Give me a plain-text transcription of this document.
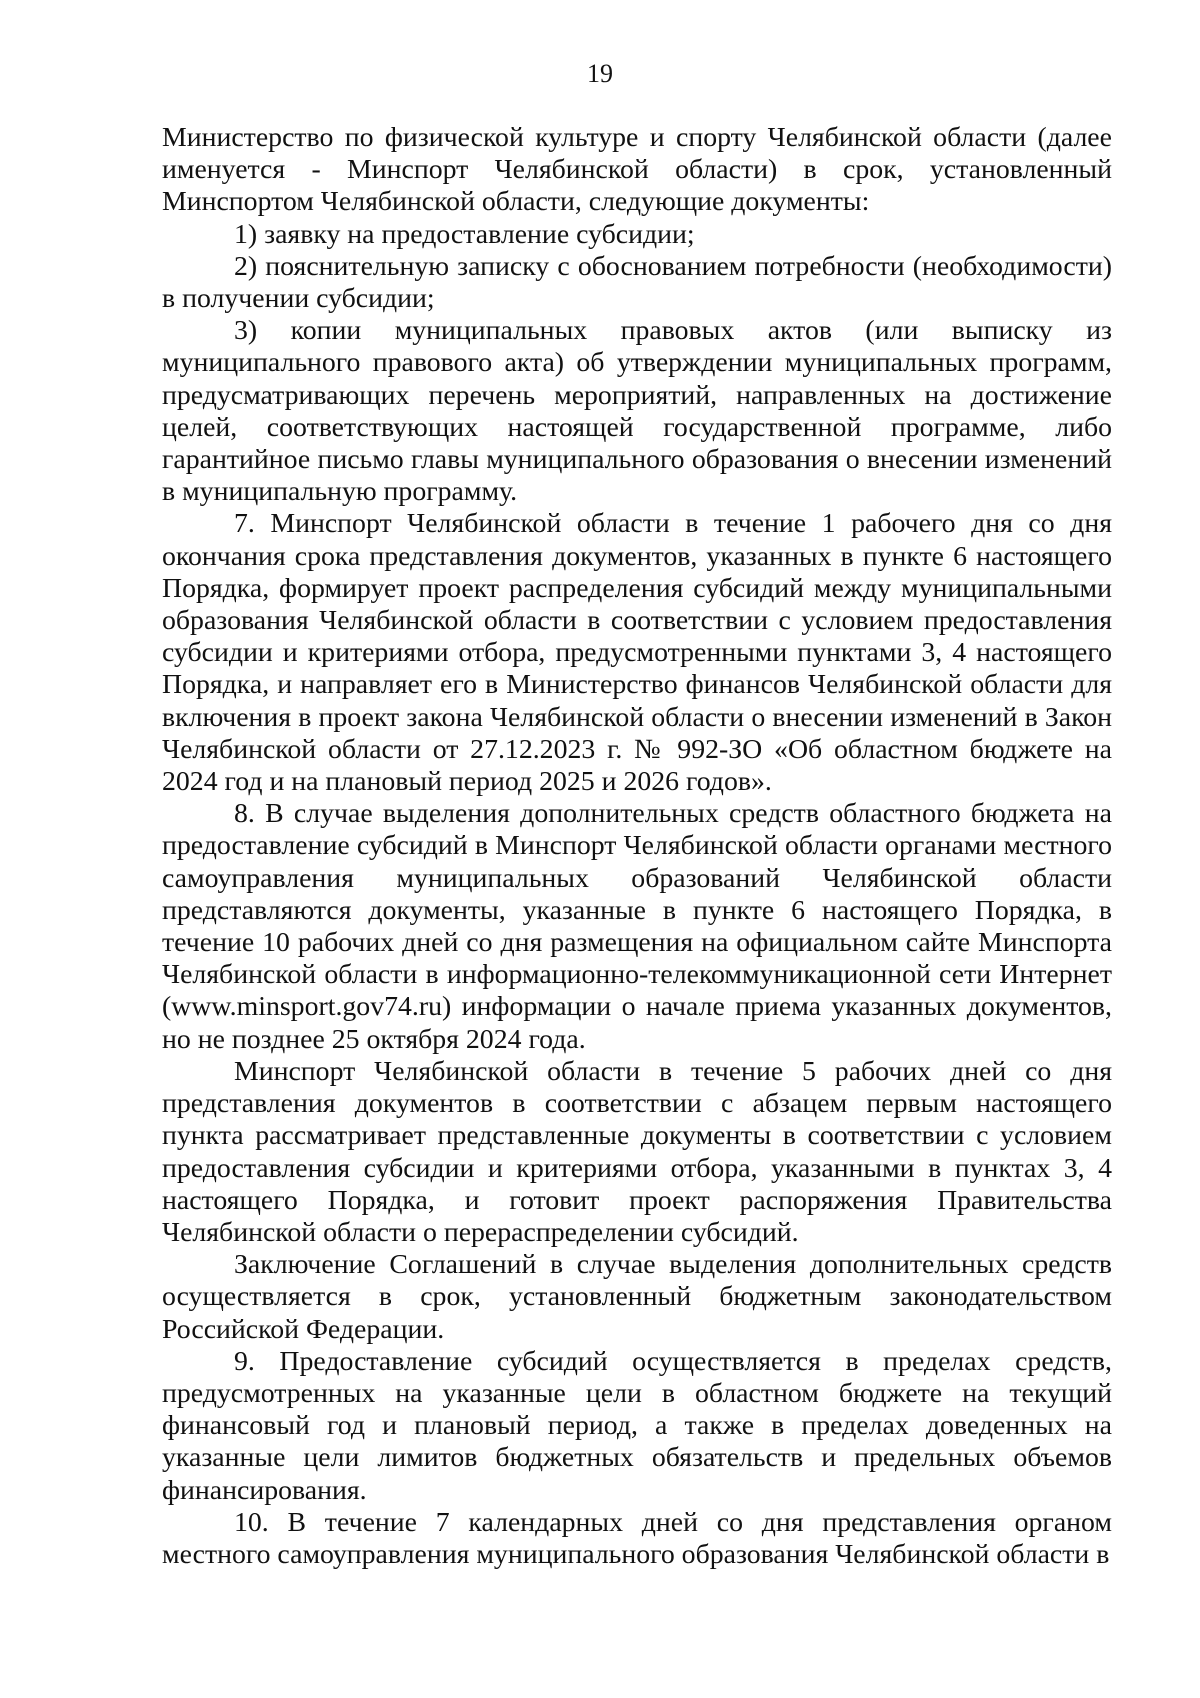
19

Министерство по физической культуре и спорту Челябинской области (далее именуется - Минспорт Челябинской области) в срок, установленный Минспортом Челябинской области, следующие документы:

1) заявку на предоставление субсидии;

2) пояснительную записку с обоснованием потребности (необходимости) в получении субсидии;

3) копии муниципальных правовых актов (или выписку из муниципального правового акта) об утверждении муниципальных программ, предусматривающих перечень мероприятий, направленных на достижение целей, соответствующих настоящей государственной программе, либо гарантийное письмо главы муниципального образования о внесении изменений в муниципальную программу.

7. Минспорт Челябинской области в течение 1 рабочего дня со дня окончания срока представления документов, указанных в пункте 6 настоящего Порядка, формирует проект распределения субсидий между муниципальными образования Челябинской области в соответствии с условием предоставления субсидии и критериями отбора, предусмотренными пунктами 3, 4 настоящего Порядка, и направляет его в Министерство финансов Челябинской области для включения в проект закона Челябинской области о внесении изменений в Закон Челябинской области от 27.12.2023 г. № 992-ЗО «Об областном бюджете на 2024 год и на плановый период 2025 и 2026 годов».

8. В случае выделения дополнительных средств областного бюджета на предоставление субсидий в Минспорт Челябинской области органами местного самоуправления муниципальных образований Челябинской области представляются документы, указанные в пункте 6 настоящего Порядка, в течение 10 рабочих дней со дня размещения на официальном сайте Минспорта Челябинской области в информационно-телекоммуникационной сети Интернет (www.minsport.gov74.ru) информации о начале приема указанных документов, но не позднее 25 октября 2024 года.

Минспорт Челябинской области в течение 5 рабочих дней со дня представления документов в соответствии с абзацем первым настоящего пункта рассматривает представленные документы в соответствии с условием предоставления субсидии и критериями отбора, указанными в пунктах 3, 4 настоящего Порядка, и готовит проект распоряжения Правительства Челябинской области о перераспределении субсидий.

Заключение Соглашений в случае выделения дополнительных средств осуществляется в срок, установленный бюджетным законодательством Российской Федерации.

9. Предоставление субсидий осуществляется в пределах средств, предусмотренных на указанные цели в областном бюджете на текущий финансовый год и плановый период, а также в пределах доведенных на указанные цели лимитов бюджетных обязательств и предельных объемов финансирования.

10. В течение 7 календарных дней со дня представления органом местного самоуправления муниципального образования Челябинской области в
